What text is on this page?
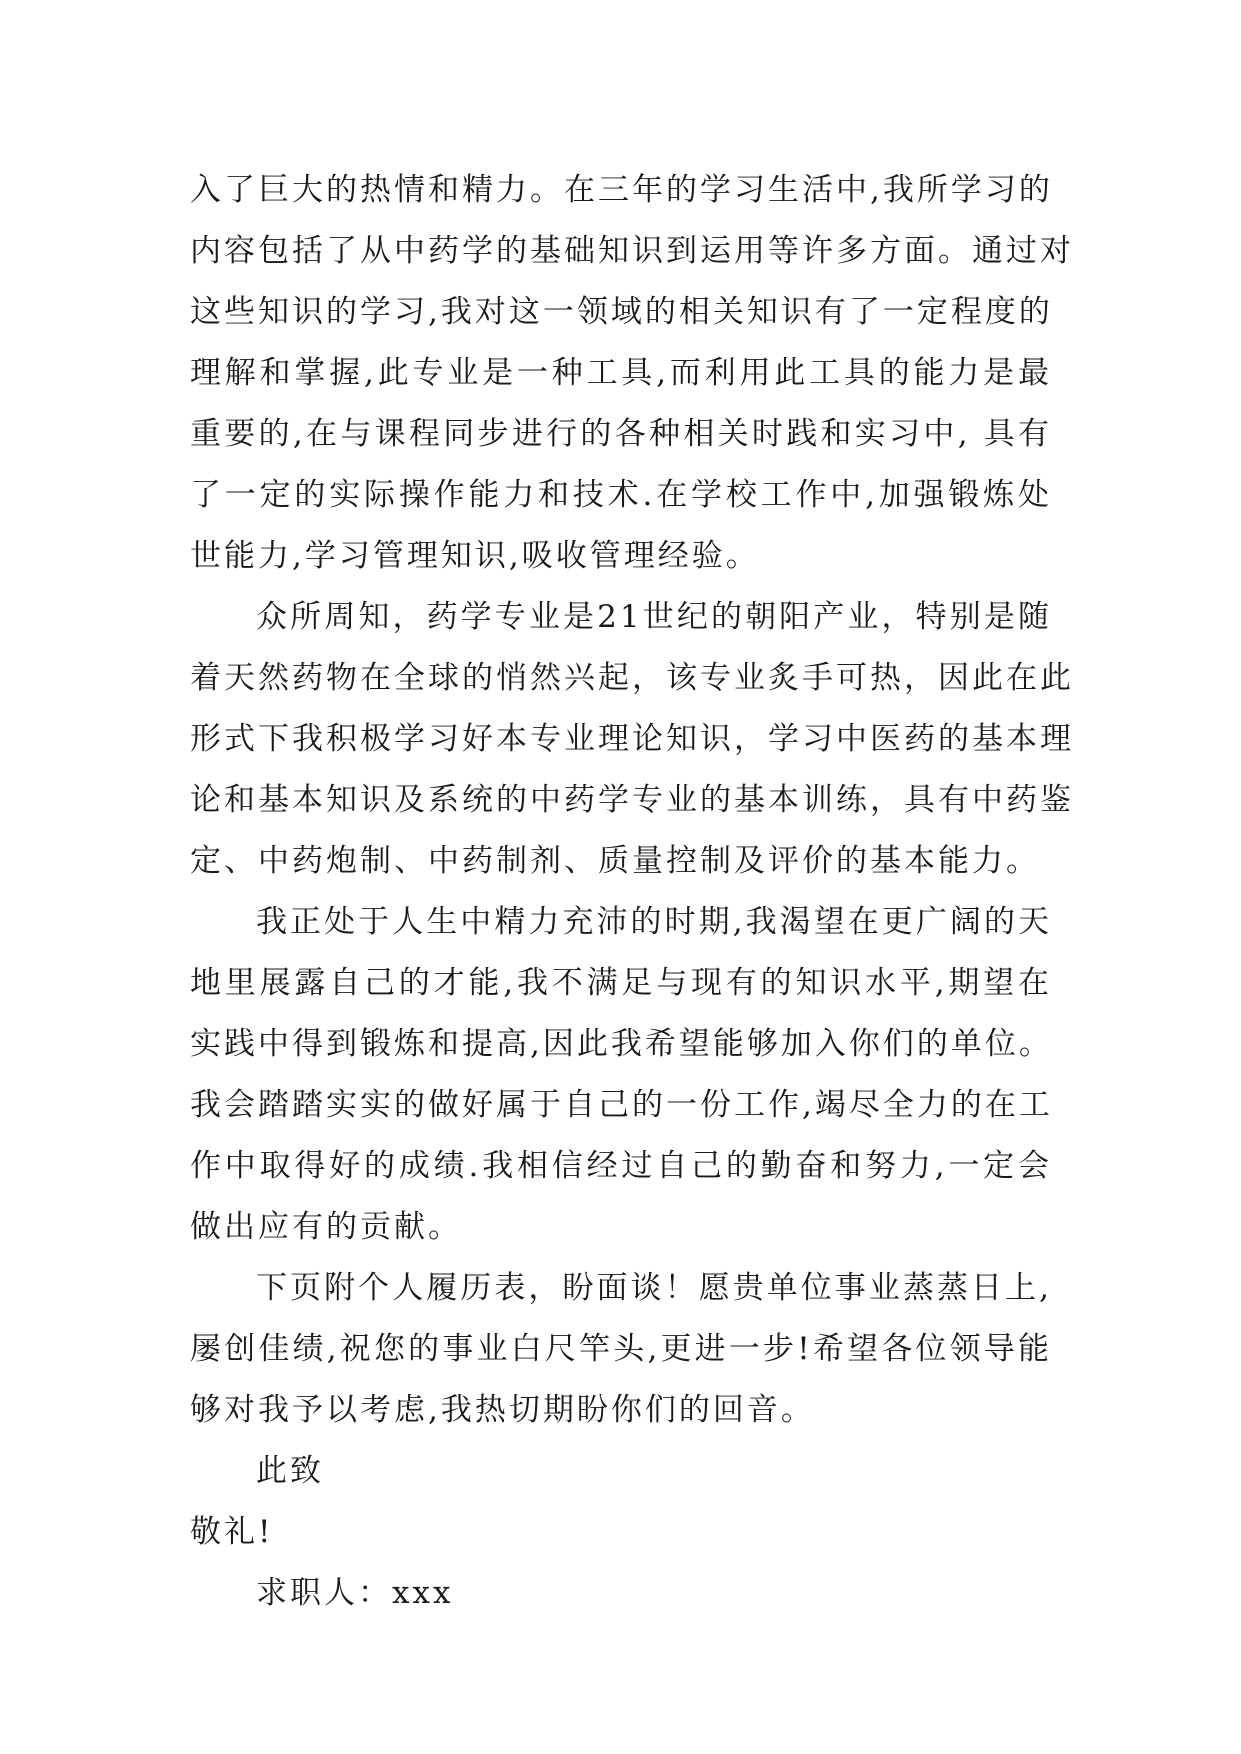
入了巨大的热情和精力。在三年的学习生活中,我所学习的
内容包括了从中药学的基础知识到运用等许多方面。通过对
这些知识的学习,我对这一领域的相关知识有了一定程度的
理解和掌握,此专业是一种工具,而利用此工具的能力是最
重要的,在与课程同步进行的各种相关时践和实习中, 具有
了一定的实际操作能力和技术.在学校工作中,加强锻炼处
世能力,学习管理知识,吸收管理经验。
众所周知，药学专业是21世纪的朝阳产业，特别是随
着天然药物在全球的悄然兴起，该专业炙手可热，因此在此
形式下我积极学习好本专业理论知识，学习中医药的基本理
论和基本知识及系统的中药学专业的基本训练，具有中药鉴
定、中药炮制、中药制剂、质量控制及评价的基本能力。
我正处于人生中精力充沛的时期,我渴望在更广阔的天
地里展露自己的才能,我不满足与现有的知识水平,期望在
实践中得到锻炼和提高,因此我希望能够加入你们的单位。
我会踏踏实实的做好属于自己的一份工作,竭尽全力的在工
作中取得好的成绩.我相信经过自己的勤奋和努力,一定会
做出应有的贡献。
下页附个人履历表，盼面谈！愿贵单位事业蒸蒸日上,
屡创佳绩,祝您的事业白尺竿头,更进一步!希望各位领导能
够对我予以考虑,我热切期盼你们的回音。
此致
敬礼!
求职人：xxx
